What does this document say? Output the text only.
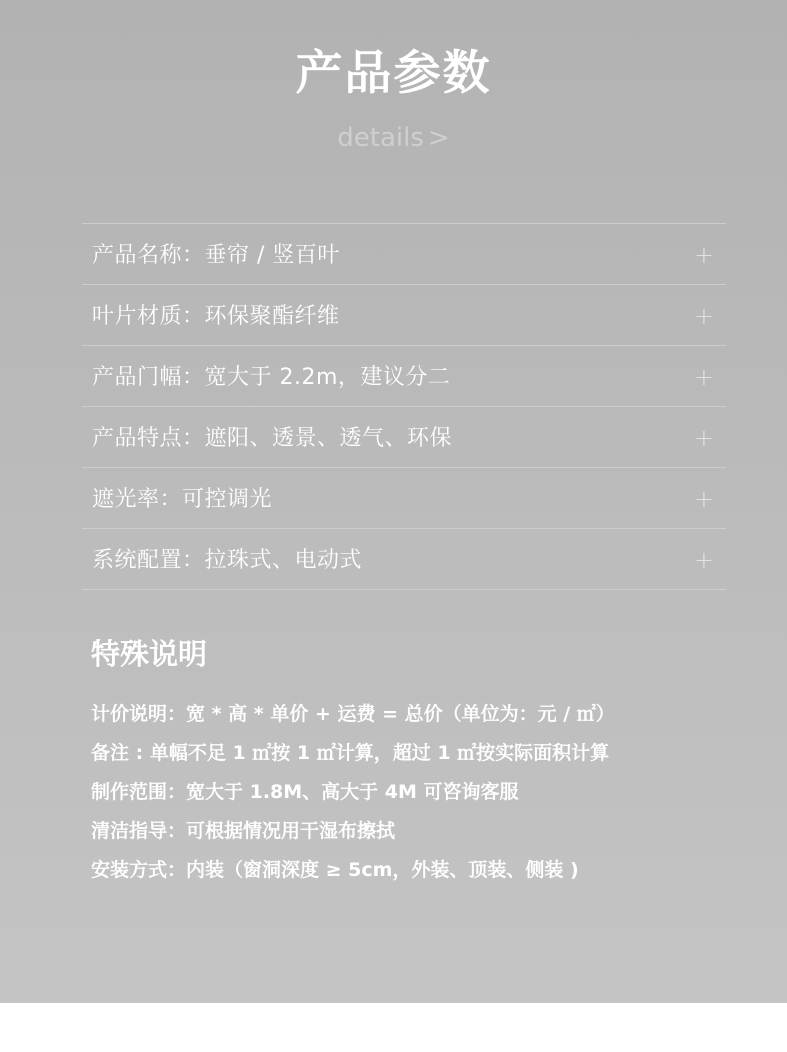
产品参数
details >
产品名称：垂帘 / 竖百叶	+
叶片材质：环保聚酯纤维	+
产品门幅：宽大于 2.2m，建议分二	+
产品特点：遮阳、透景、透气、环保	+
遮光率：可控调光	+
系统配置：拉珠式、电动式	+
特殊说明
计价说明：宽 * 高 * 单价 + 运费 = 总价（单位为：元 / ㎡）
备注 : 单幅不足 1 ㎡按 1 ㎡计算，超过 1 ㎡按实际面积计算
制作范围：宽大于 1.8M、高大于 4M 可咨询客服
清洁指导：可根据情况用干湿布擦拭
安装方式：内装（窗洞深度 ≥ 5cm，外装、顶装、侧装 )
